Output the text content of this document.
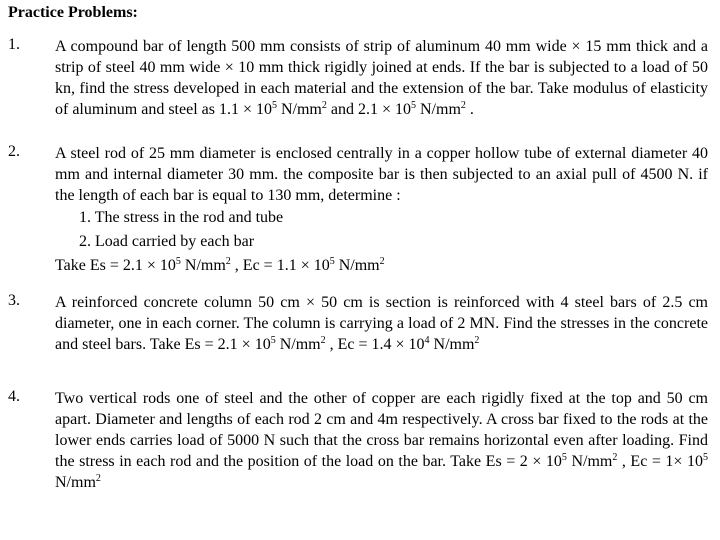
Practice Problems:
1. A compound bar of length 500 mm consists of strip of aluminum 40 mm wide × 15 mm thick and a strip of steel 40 mm wide × 10 mm thick rigidly joined at ends. If the bar is subjected to a load of 50 kn, find the stress developed in each material and the extension of the bar. Take modulus of elasticity of aluminum and steel as $1.1 \times 10^5$ $N/mm^2$ and $2.1 \times 10^5$ $N/mm^2$ .
2. A steel rod of 25 mm diameter is enclosed centrally in a copper hollow tube of external diameter 40 mm and internal diameter 30 mm. the composite bar is then subjected to an axial pull of 4500 N. if the length of each bar is equal to 130 mm, determine :
1. The stress in the rod and tube
2. Load carried by each bar
Take $Es = 2.1 \times 10^5$ $N/mm^2$ , $Ec = 1.1 \times 10^5$ $N/mm^2$
3. A reinforced concrete column 50 cm × 50 cm is section is reinforced with 4 steel bars of 2.5 cm diameter, one in each corner. The column is carrying a load of 2 MN. Find the stresses in the concrete and steel bars. Take $Es = 2.1 \times 10^5$ $N/mm^2$ , $Ec = 1.4 \times 10^4$ $N/mm^2$
4. Two vertical rods one of steel and the other of copper are each rigidly fixed at the top and 50 cm apart. Diameter and lengths of each rod 2 cm and 4m respectively. A cross bar fixed to the rods at the lower ends carries load of 5000 N such that the cross bar remains horizontal even after loading. Find the stress in each rod and the position of the load on the bar. Take $Es = 2 \times 10^5$ $N/mm^2$ , $Ec = 1\times 10^5$ $N/mm^2$
